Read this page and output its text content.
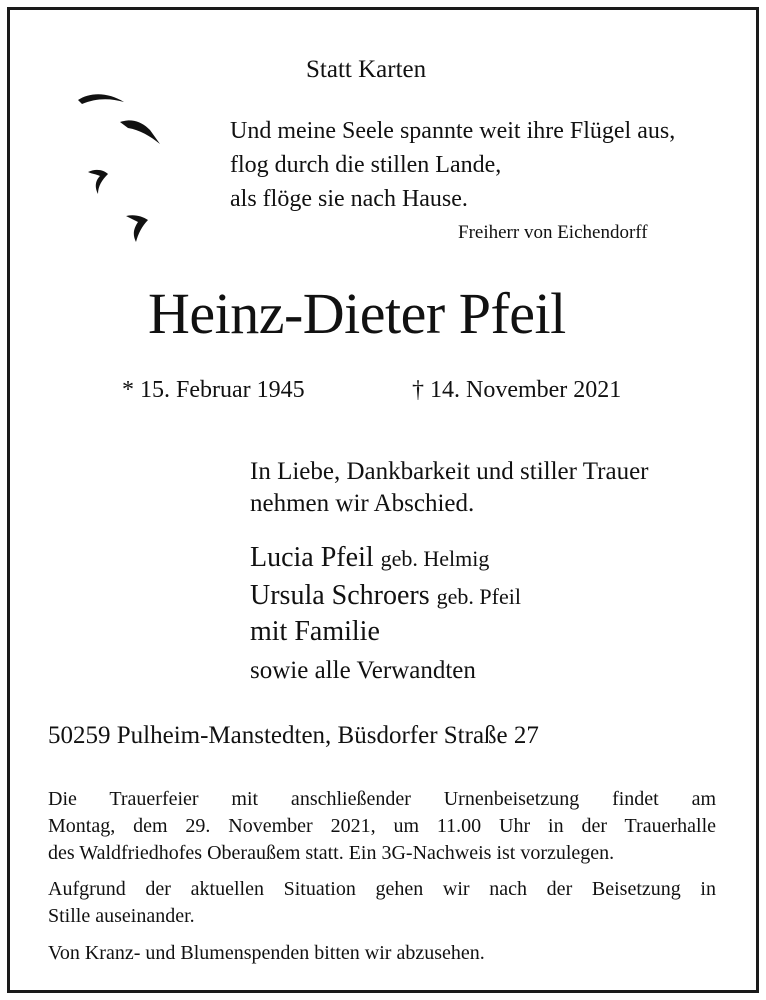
Statt Karten
Und meine Seele spannte weit ihre Flügel aus,
flog durch die stillen Lande,
als flöge sie nach Hause.
Freiherr von Eichendorff
Heinz-Dieter Pfeil
* 15. Februar 1945	† 14. November 2021
In Liebe, Dankbarkeit und stiller Trauer
nehmen wir Abschied.
Lucia Pfeil geb. Helmig
Ursula Schroers geb. Pfeil
mit Familie
sowie alle Verwandten
50259 Pulheim-Manstedten, Büsdorfer Straße 27
Die Trauerfeier mit anschließender Urnenbeisetzung findet am
Montag, dem 29. November 2021, um 11.00 Uhr in der Trauerhalle
des Waldfriedhofes Oberaußem statt. Ein 3G-Nachweis ist vorzulegen.
Aufgrund der aktuellen Situation gehen wir nach der Beisetzung in
Stille auseinander.
Von Kranz- und Blumenspenden bitten wir abzusehen.
